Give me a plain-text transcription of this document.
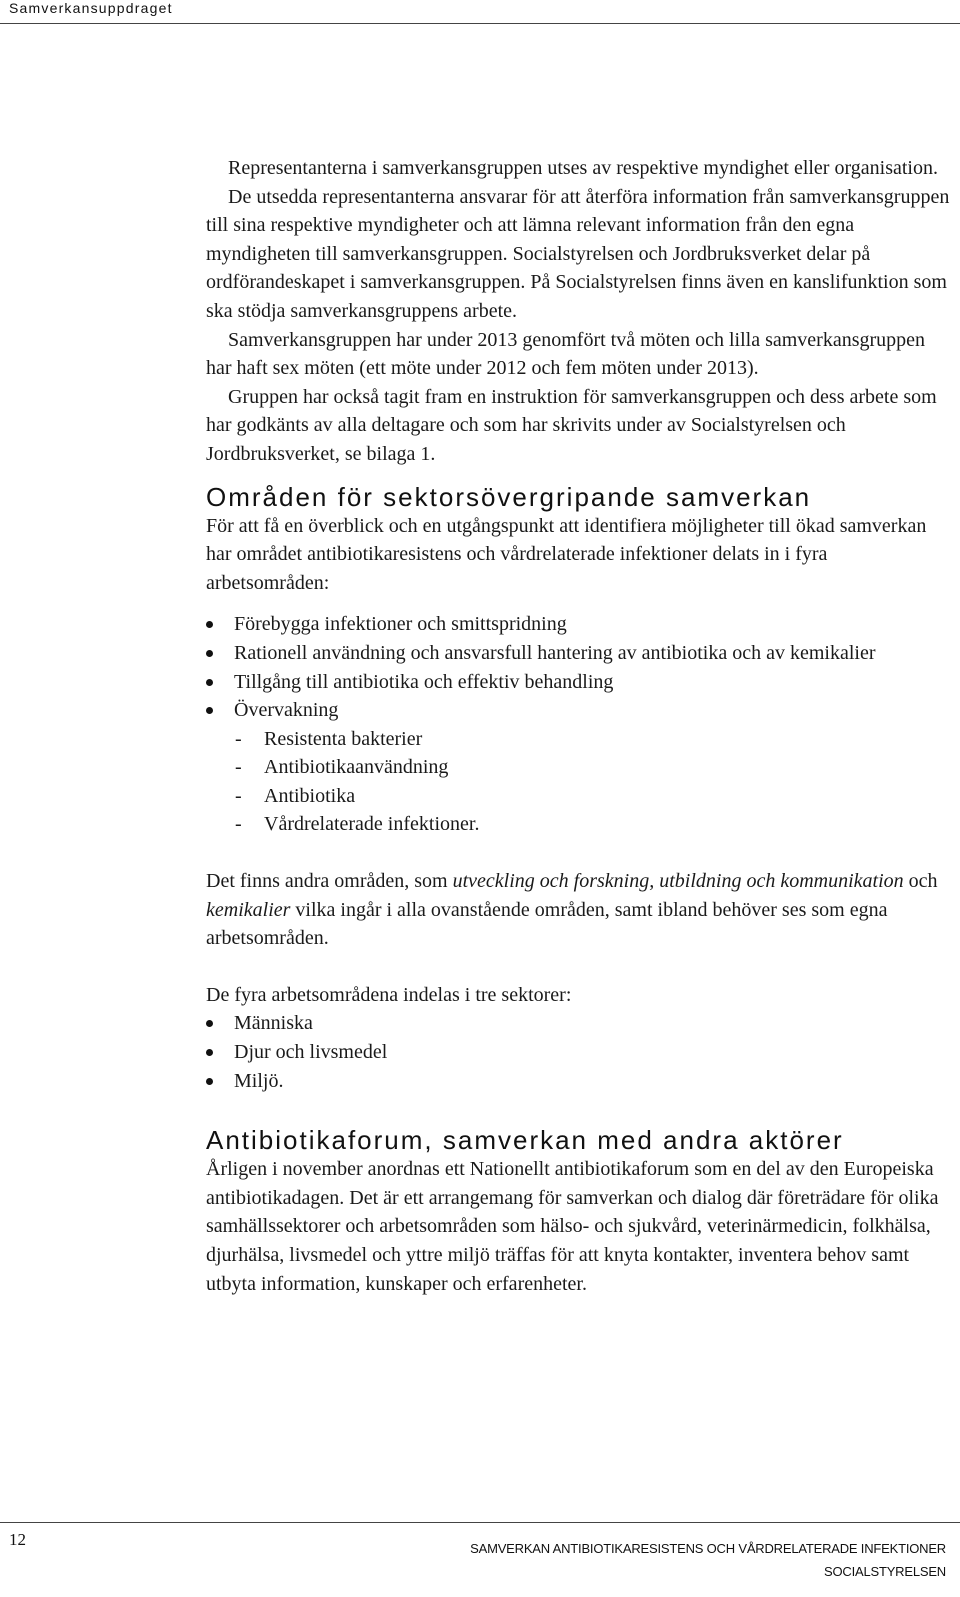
Samverkansuppdraget

Representanterna i samverkansgruppen utses av respektive myndighet eller organisation.

De utsedda representanterna ansvarar för att återföra information från samverkansgruppen till sina respektive myndigheter och att lämna relevant information från den egna myndigheten till samverkansgruppen. Socialstyrelsen och Jordbruksverket delar på ordförandeskapet i samverkansgruppen. På Socialstyrelsen finns även en kanslifunktion som ska stödja samverkansgruppens arbete.

Samverkansgruppen har under 2013 genomfört två möten och lilla samverkansgruppen har haft sex möten (ett möte under 2012 och fem möten under 2013).

Gruppen har också tagit fram en instruktion för samverkansgruppen och dess arbete som har godkänts av alla deltagare och som har skrivits under av Socialstyrelsen och Jordbruksverket, se bilaga 1.

Områden för sektorsövergripande samverkan

För att få en överblick och en utgångspunkt att identifiera möjligheter till ökad samverkan har området antibiotikaresistens och vårdrelaterade infektioner delats in i fyra arbetsområden:

Förebygga infektioner och smittspridning
Rationell användning och ansvarsfull hantering av antibiotika och av kemikalier
Tillgång till antibiotika och effektiv behandling
Övervakning
- Resistenta bakterier
- Antibiotikaanvändning
- Antibiotika
- Vårdrelaterade infektioner.

Det finns andra områden, som utveckling och forskning, utbildning och kommunikation och kemikalier vilka ingår i alla ovanstående områden, samt ibland behöver ses som egna arbetsområden.

De fyra arbetsområdena indelas i tre sektorer:

Människa
Djur och livsmedel
Miljö.
Antibiotikaforum, samverkan med andra aktörer

Årligen i november anordnas ett Nationellt antibiotikaforum som en del av den Europeiska antibiotikadagen. Det är ett arrangemang för samverkan och dialog där företrädare för olika samhällssektorer och arbetsområden som hälso- och sjukvård, veterinärmedicin, folkhälsa, djurhälsa, livsmedel och yttre miljö träffas för att knyta kontakter, inventera behov samt utbyta information, kunskaper och erfarenheter.

12	SAMVERKAN ANTIBIOTIKARESISTENS OCH VÅRDRELATERADE INFEKTIONER
SOCIALSTYRELSEN
